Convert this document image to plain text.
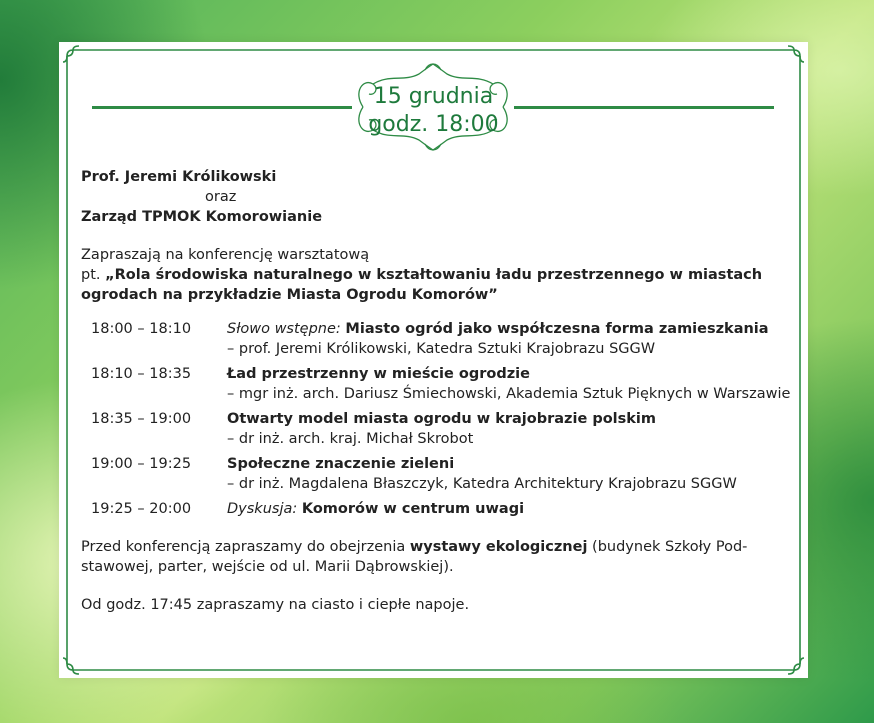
15 grudnia
godz. 18:00
Prof. Jeremi Królikowski
oraz
Zarząd TPMOK Komorowianie
Zapraszają na konferencję warsztatową
pt. „Rola środowiska naturalnego w kształtowaniu ładu przestrzennego w miastach
ogrodach na przykładzie Miasta Ogrodu Komorów”
18:00 – 18:10	Słowo wstępne: Miasto ogród jako współczesna forma zamieszkania
– prof. Jeremi Królikowski, Katedra Sztuki Krajobrazu SGGW
18:10 – 18:35	Ład przestrzenny w mieście ogrodzie
– mgr inż. arch. Dariusz Śmiechowski, Akademia Sztuk Pięknych w Warszawie
18:35 – 19:00	Otwarty model miasta ogrodu w krajobrazie polskim
– dr inż. arch. kraj. Michał Skrobot
19:00 – 19:25	Społeczne znaczenie zieleni
– dr inż. Magdalena Błaszczyk, Katedra Architektury Krajobrazu SGGW
19:25 – 20:00	Dyskusja: Komorów w centrum uwagi
Przed konferencją zapraszamy do obejrzenia wystawy ekologicznej (budynek Szkoły Pod-
stawowej, parter, wejście od ul. Marii Dąbrowskiej).
Od godz. 17:45 zapraszamy na ciasto i ciepłe napoje.
